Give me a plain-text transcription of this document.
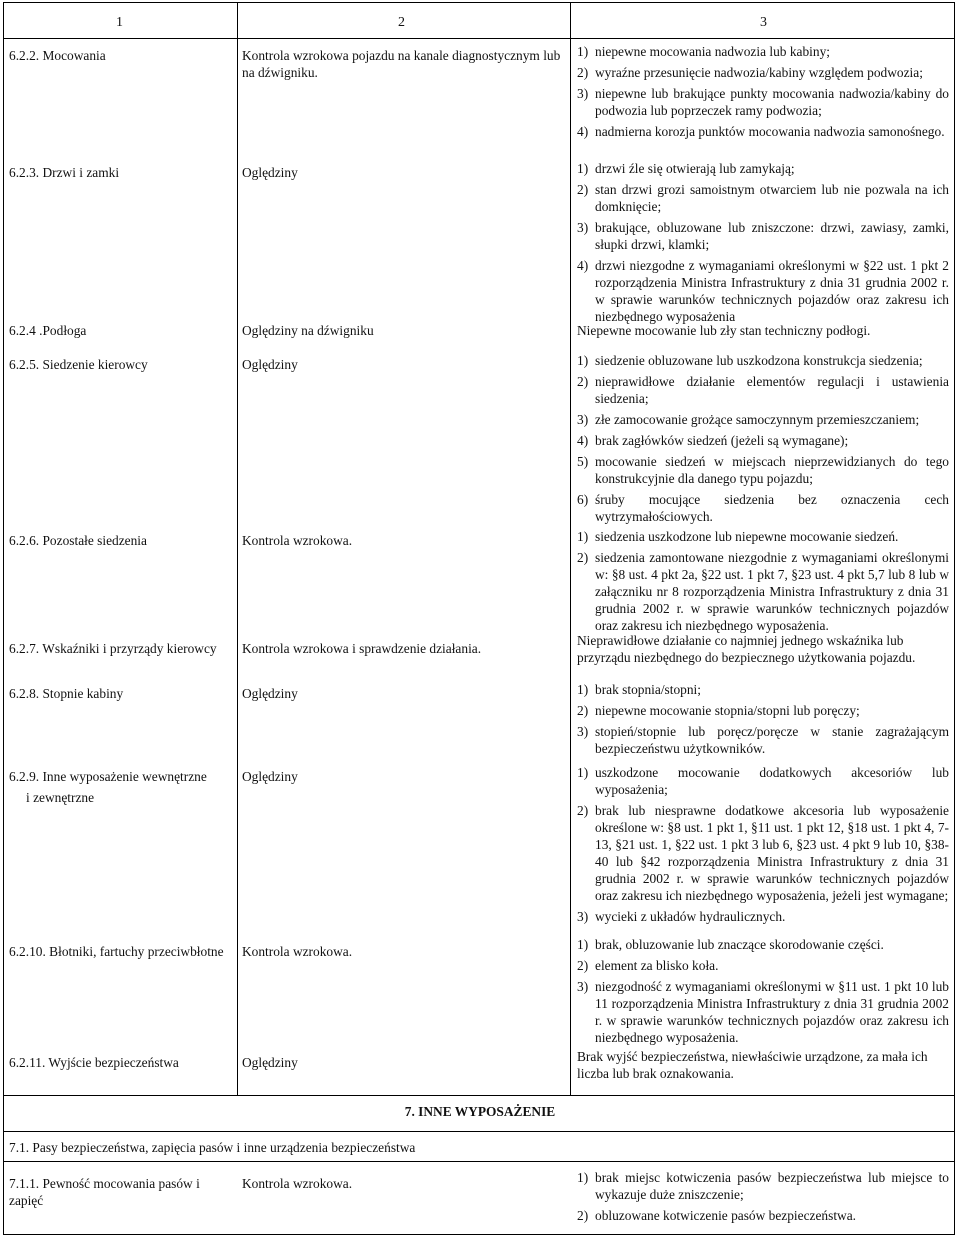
1	2	3
6.2.2. Mocowania	Kontrola wzrokowa pojazdu na kanale diagnostycznym lub na dźwigniku.
1) niepewne mocowania nadwozia lub kabiny;
2) wyraźne przesunięcie nadwozia/kabiny względem podwozia;
3) niepewne lub brakujące punkty mocowania nadwozia/kabiny do podwozia lub poprzeczek ramy podwozia;
4) nadmierna korozja punktów mocowania nadwozia samonośnego.
6.2.3. Drzwi i zamki	Oględziny	1) drzwi źle się otwierają lub zamykają;
2) stan drzwi grozi samoistnym otwarciem lub nie pozwala na ich domknięcie;
3) brakujące, obluzowane lub zniszczone: drzwi, zawiasy, zamki, słupki drzwi, klamki;
4) drzwi niezgodne z wymaganiami określonymi w §22 ust. 1 pkt 2 rozporządzenia Ministra Infrastruktury z dnia 31 grudnia 2002 r. w sprawie warunków technicznych pojazdów oraz zakresu ich niezbędnego wyposażenia
6.2.4 .Podłoga	Oględziny na dźwigniku	Niepewne mocowanie lub zły stan techniczny podłogi.
6.2.5. Siedzenie kierowcy	Oględziny	1) siedzenie obluzowane lub uszkodzona konstrukcja siedzenia;
2) nieprawidłowe działanie elementów regulacji i ustawienia siedzenia;
3) złe zamocowanie grożące samoczynnym przemieszczaniem;
4) brak zagłówków siedzeń (jeżeli są wymagane);
5) mocowanie siedzeń w miejscach nieprzewidzianych do tego konstrukcyjnie dla danego typu pojazdu;
6) śruby mocujące siedzenia bez oznaczenia cech wytrzymałościowych.
6.2.6. Pozostałe siedzenia	Kontrola wzrokowa.	1) siedzenia uszkodzone lub niepewne mocowanie siedzeń.
2) siedzenia zamontowane niezgodnie z wymaganiami określonymi w: §8 ust. 4 pkt 2a, §22 ust. 1 pkt 7, §23 ust. 4 pkt 5,7 lub 8 lub w załączniku nr 8 rozporządzenia Ministra Infrastruktury z dnia 31 grudnia 2002 r. w sprawie warunków technicznych pojazdów oraz zakresu ich niezbędnego wyposażenia.
6.2.7. Wskaźniki i przyrządy kierowcy	Kontrola wzrokowa i sprawdzenie działania.
Nieprawidłowe działanie co najmniej jednego wskaźnika lub przyrządu niezbędnego do bezpiecznego użytkowania pojazdu.
6.2.8. Stopnie kabiny	Oględziny	1) brak stopnia/stopni;
2) niepewne mocowanie stopnia/stopni lub poręczy;
3) stopień/stopnie lub poręcz/poręcze w stanie zagrażającym bezpieczeństwu użytkowników.
6.2.9. Inne wyposażenie wewnętrzne
i zewnętrzne
Oględziny	1) uszkodzone mocowanie dodatkowych akcesoriów lub wyposażenia;
2) brak lub niesprawne dodatkowe akcesoria lub wyposażenie określone w: §8 ust. 1 pkt 1, §11 ust. 1 pkt 12, §18 ust. 1 pkt 4, 7-13, §21 ust. 1, §22 ust. 1 pkt 3 lub 6, §23 ust. 4 pkt 9 lub 10, §38-40 lub §42 rozporządzenia Ministra Infrastruktury z dnia 31 grudnia 2002 r. w sprawie warunków technicznych pojazdów oraz zakresu ich niezbędnego wyposażenia, jeżeli jest wymagane;
3) wycieki z układów hydraulicznych.
6.2.10. Błotniki, fartuchy przeciwbłotne	Kontrola wzrokowa.	1) brak, obluzowanie lub znaczące skorodowanie części.
2) element za blisko koła.
3) niezgodność z wymaganiami określonymi w §11 ust. 1 pkt 10 lub 11 rozporządzenia Ministra Infrastruktury z dnia 31 grudnia 2002 r. w sprawie warunków technicznych pojazdów oraz zakresu ich niezbędnego wyposażenia.
6.2.11. Wyjście bezpieczeństwa	Oględziny	Brak wyjść bezpieczeństwa, niewłaściwie urządzone, za mała ich liczba lub brak oznakowania.
7. INNE WYPOSAŻENIE
7.1. Pasy bezpieczeństwa, zapięcia pasów i inne urządzenia bezpieczeństwa
7.1.1. Pewność mocowania pasów i zapięć
Kontrola wzrokowa.	1) brak miejsc kotwiczenia pasów bezpieczeństwa lub miejsce to wykazuje duże zniszczenie;
2) obluzowane kotwiczenie pasów bezpieczeństwa.
